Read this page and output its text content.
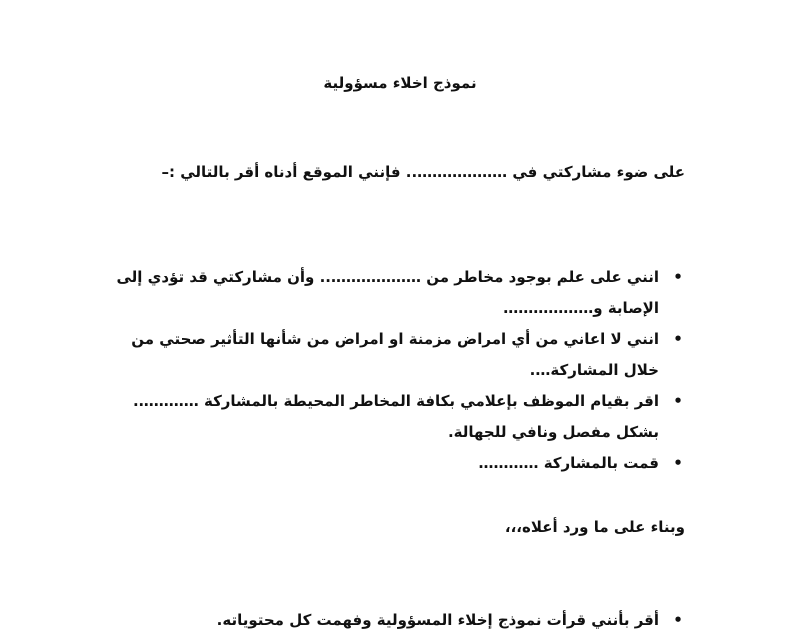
نموذج اخلاء مسؤولية

على ضوء مشاركتي في ……………….. فإنني الموقع أدناه أقر بالتالي :–

•
انني على علم بوجود مخاطر من ……………….. وأن مشاركتي قد تؤدي إلى الإصابة و………………
•
انني لا اعاني من أي امراض مزمنة او امراض من شأنها التأثير صحتي من خلال المشاركة….
•
اقر بقيام الموظف بإعلامي بكافة المخاطر المحيطة بالمشاركة …………. بشكل مفصل ونافي للجهالة.
•
قمت بالمشاركة …………

وبناء على ما ورد أعلاه،،،

•
أقر بأنني قرأت نموذج إخلاء المسؤولية وفهمت كل محتوياته.
